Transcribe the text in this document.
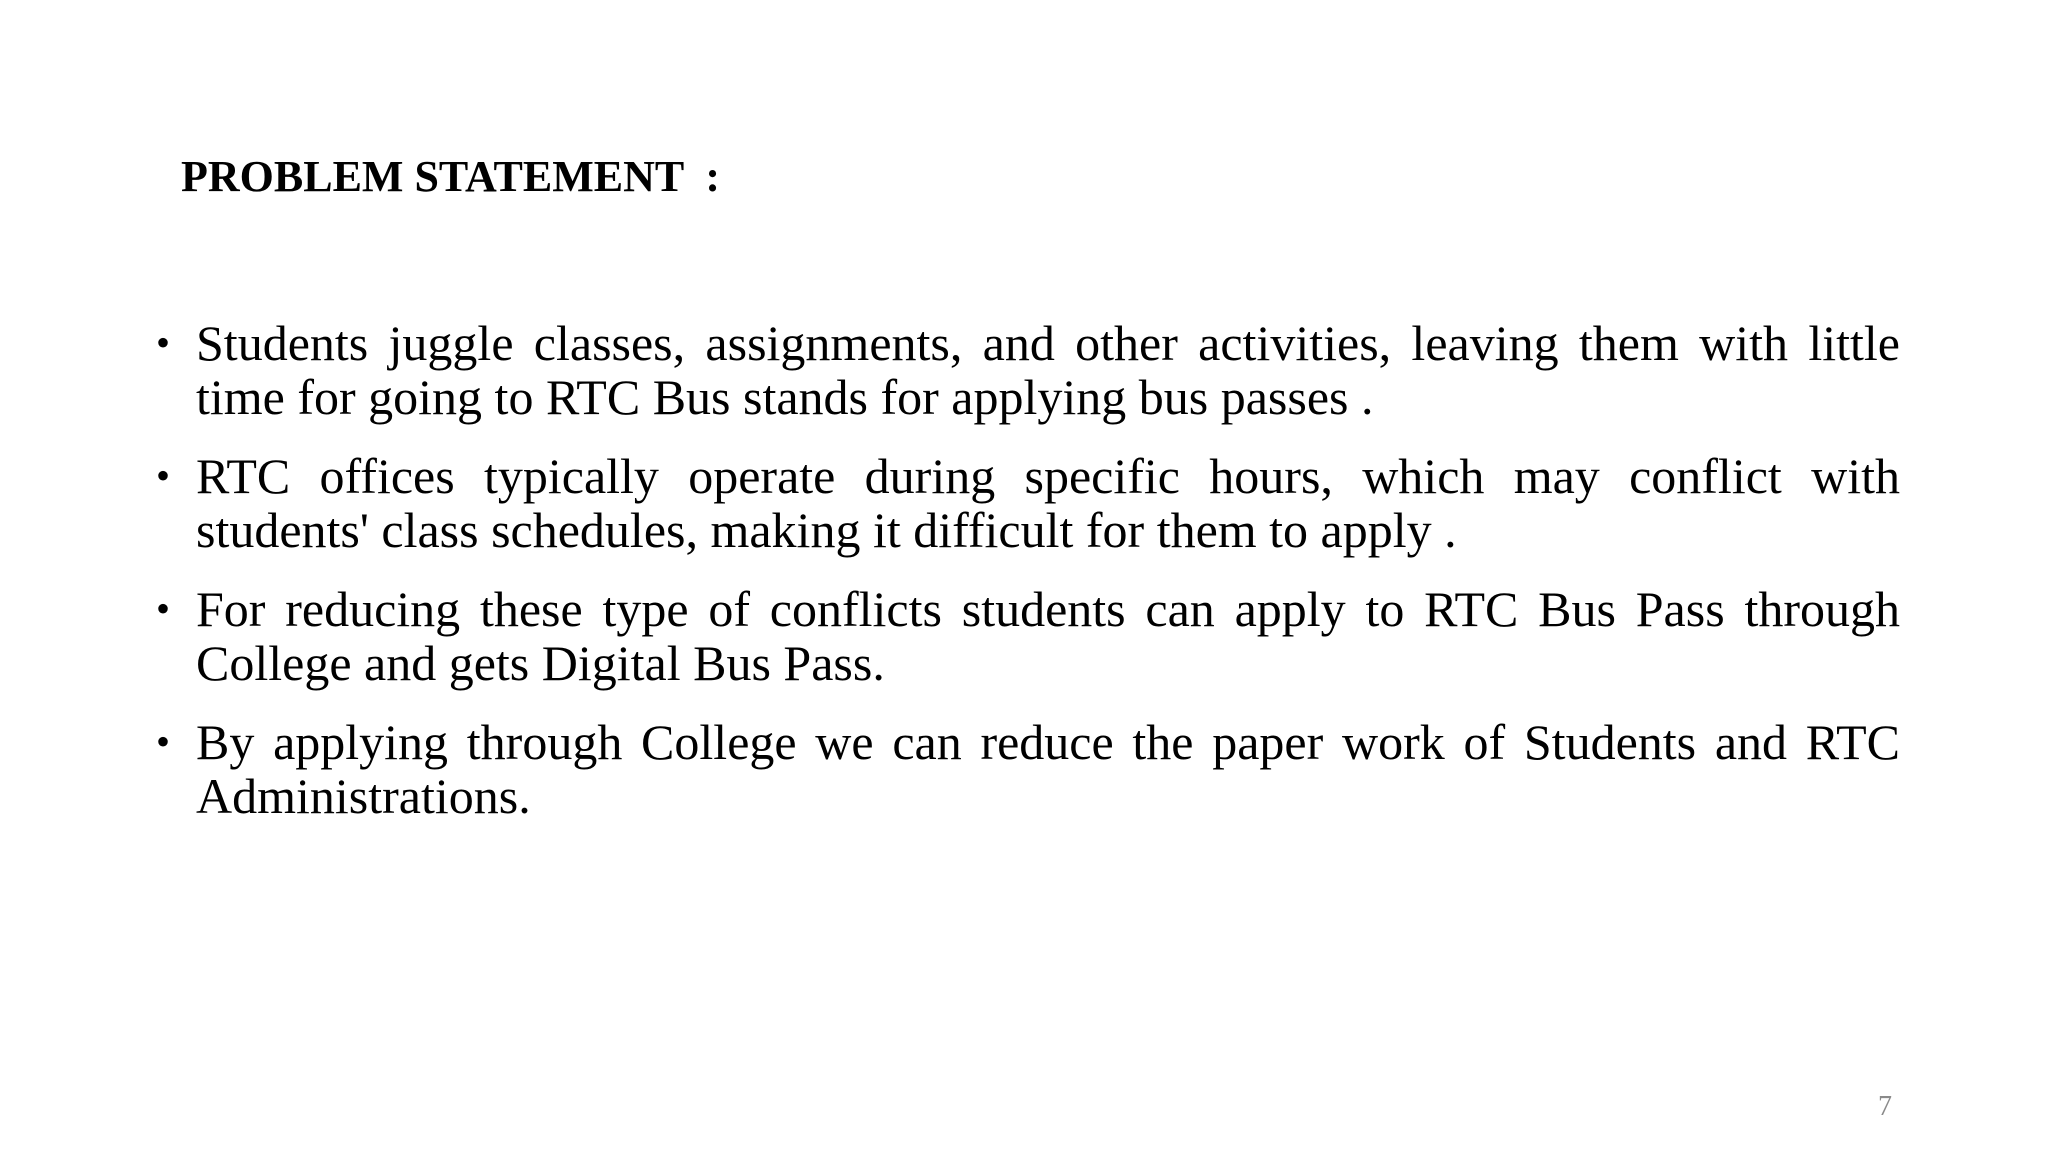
PROBLEM STATEMENT  :
• Students juggle classes, assignments, and other activities, leaving them with little time for going to RTC Bus stands for applying bus passes .
• RTC offices typically operate during specific hours, which may conflict with students' class schedules, making it difficult for them to apply .
• For reducing these type of conflicts students can apply to RTC Bus Pass through College and gets Digital Bus Pass.
• By applying through College we can reduce the paper work of Students and RTC Administrations.
7
